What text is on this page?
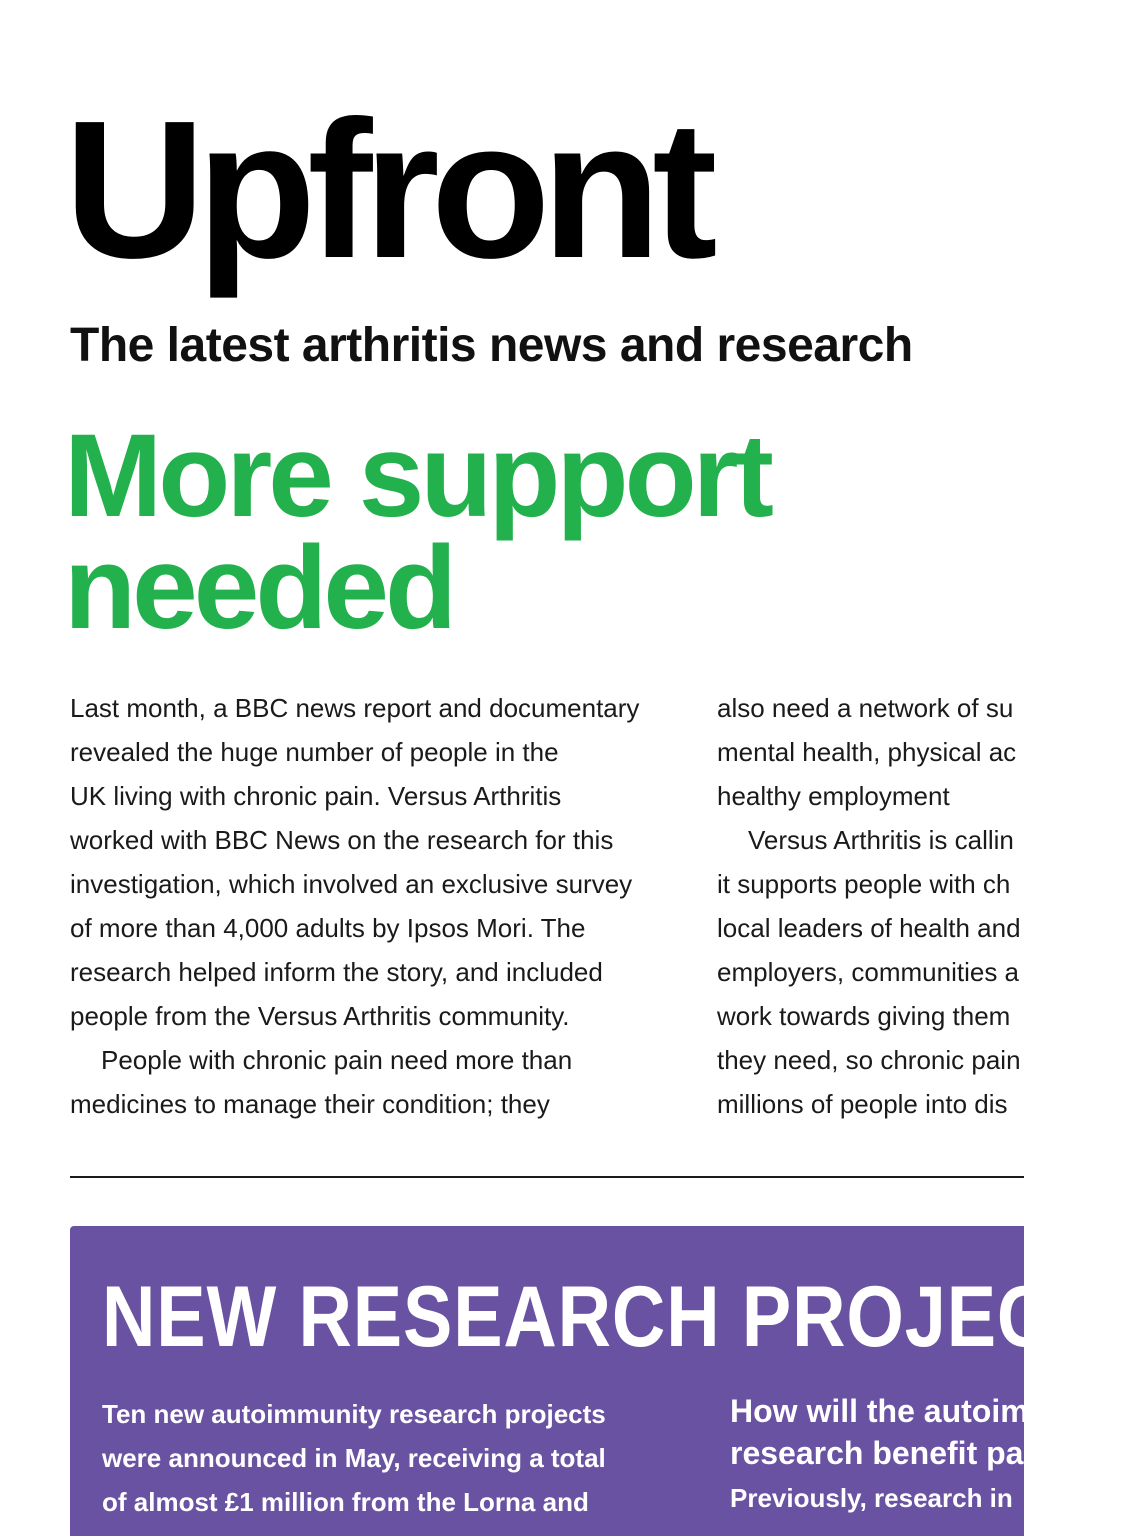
Upfront
The latest arthritis news and research
More support
needed

Last month, a BBC news report and documentary
revealed the huge number of people in the
UK living with chronic pain. Versus Arthritis
worked with BBC News on the research for this
investigation, which involved an exclusive survey
of more than 4,000 adults by Ipsos Mori. The
research helped inform the story, and included
people from the Versus Arthritis community.

People with chronic pain need more than
medicines to manage their condition; they

also need a network of su
mental health, physical ac
healthy employment

Versus Arthritis is callin
it supports people with ch
local leaders of health and
employers, communities a
work towards giving them
they need, so chronic pain
millions of people into dis

NEW RESEARCH PROJECTS
Ten new autoimmunity research projects
were announced in May, receiving a total
of almost £1 million from the Lorna and
How will the autoim
research benefit pa
Previously, research in
